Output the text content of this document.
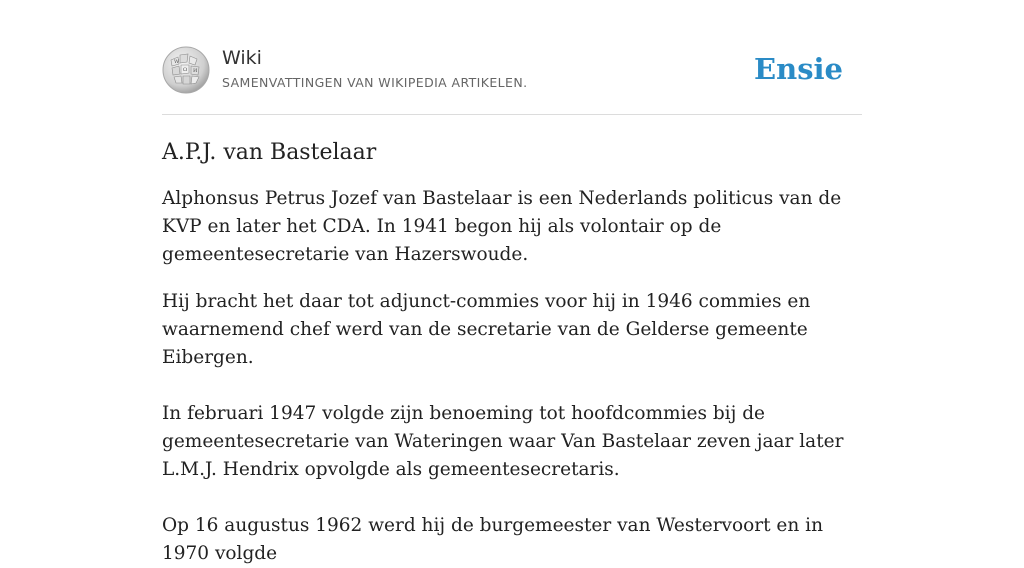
W
Ω И
Wiki
SAMENVATTINGEN VAN WIKIPEDIA ARTIKELEN.	Ensie
A.P.J. van Bastelaar

Alphonsus Petrus Jozef van Bastelaar is een Nederlands politicus van de KVP en later het CDA. In 1941 begon hij als volontair op de gemeentesecretarie van Hazerswoude.

Hij bracht het daar tot adjunct-commies voor hij in 1946 commies en waarnemend chef werd van de secretarie van de Gelderse gemeente Eibergen.

In februari 1947 volgde zijn benoeming tot hoofdcommies bij de gemeentesecretarie van Wateringen waar Van Bastelaar zeven jaar later L.M.J. Hendrix opvolgde als gemeentesecretaris.

Op 16 augustus 1962 werd hij de burgemeester van Westervoort en in 1970 volgde
